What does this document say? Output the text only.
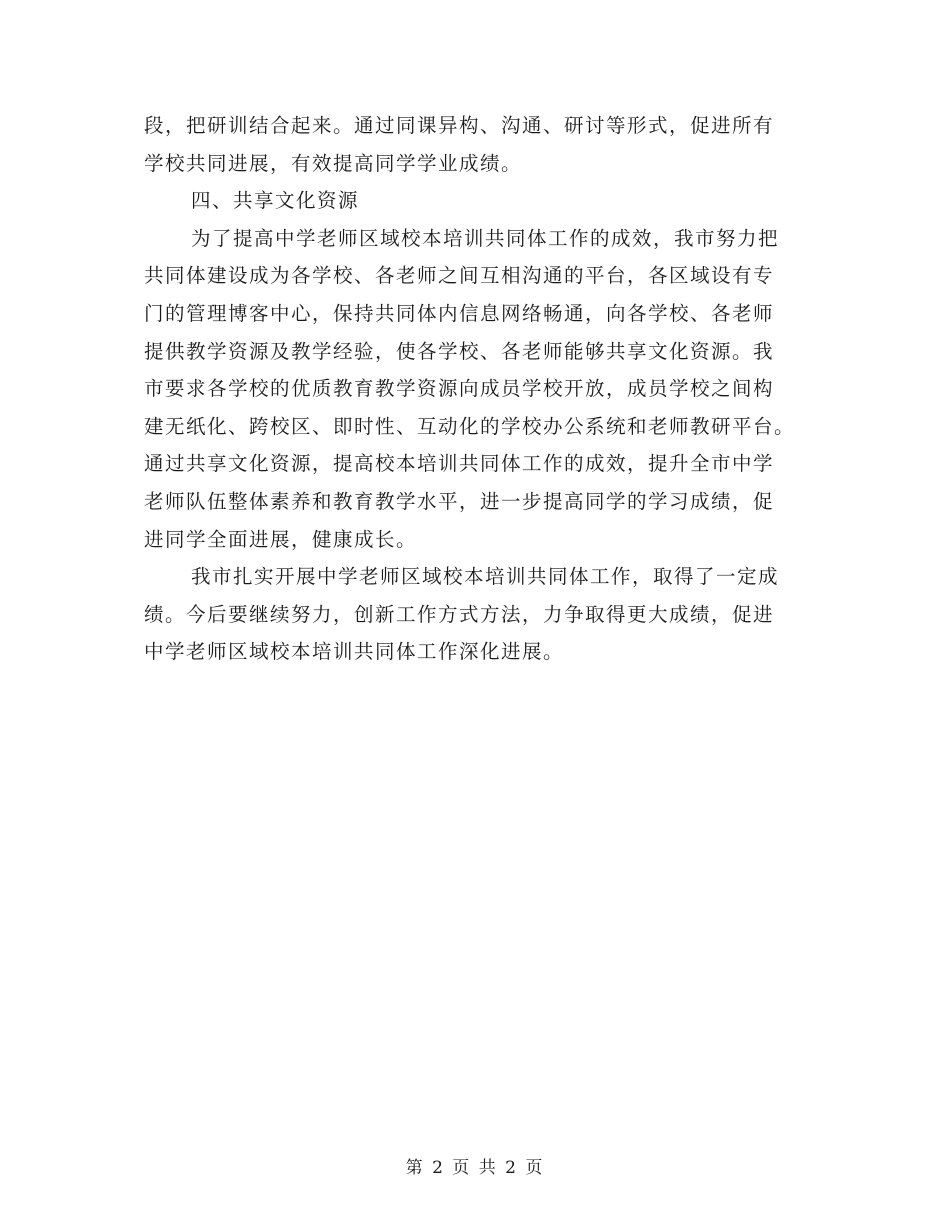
段，把研训结合起来。通过同课异构、沟通、研讨等形式，促进所有
学校共同进展，有效提高同学学业成绩。
四、共享文化资源
为了提高中学老师区域校本培训共同体工作的成效，我市努力把
共同体建设成为各学校、各老师之间互相沟通的平台，各区域设有专
门的管理博客中心，保持共同体内信息网络畅通，向各学校、各老师
提供教学资源及教学经验，使各学校、各老师能够共享文化资源。我
市要求各学校的优质教育教学资源向成员学校开放，成员学校之间构
建无纸化、跨校区、即时性、互动化的学校办公系统和老师教研平台。
通过共享文化资源，提高校本培训共同体工作的成效，提升全市中学
老师队伍整体素养和教育教学水平，进一步提高同学的学习成绩，促
进同学全面进展，健康成长。
我市扎实开展中学老师区域校本培训共同体工作，取得了一定成
绩。今后要继续努力，创新工作方式方法，力争取得更大成绩，促进
中学老师区域校本培训共同体工作深化进展。
第 2 页 共 2 页
